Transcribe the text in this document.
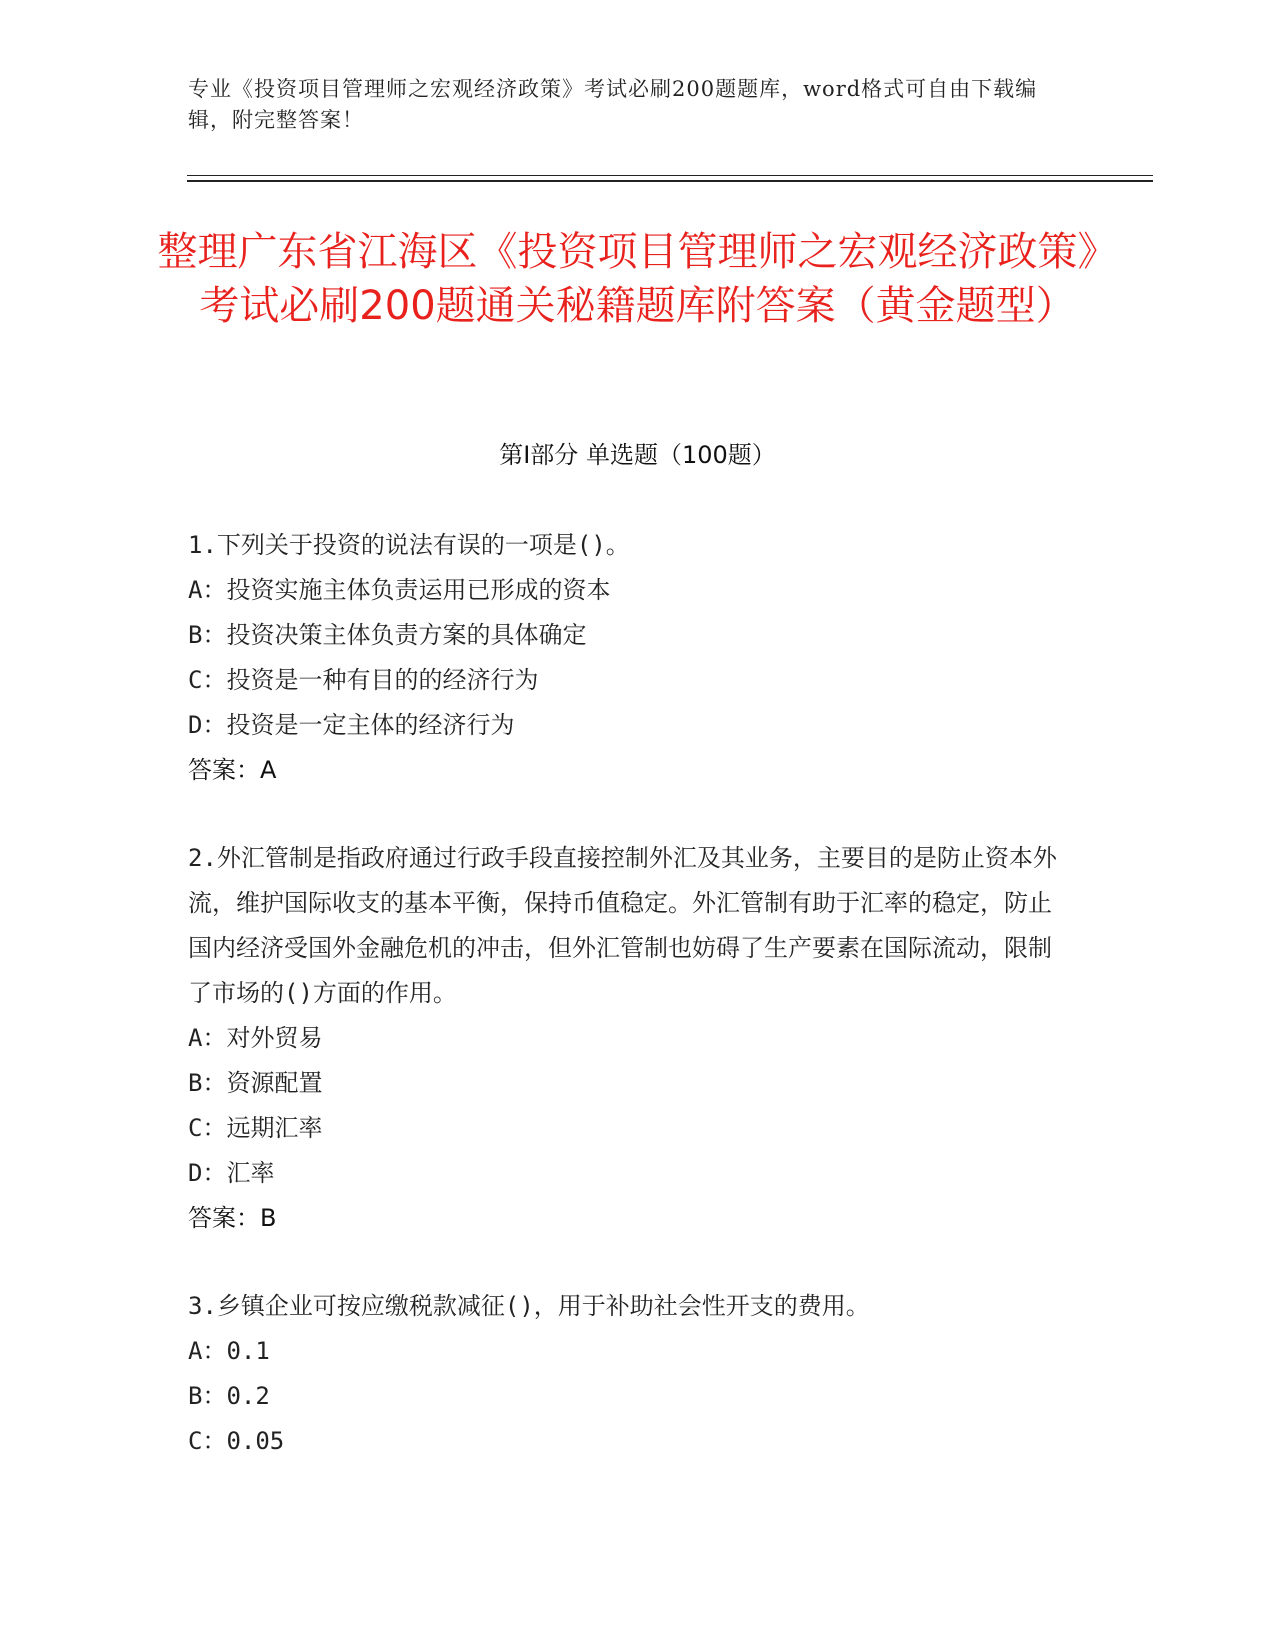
专业《投资项目管理师之宏观经济政策》考试必刷200题题库，word格式可自由下载编辑，附完整答案！
整理广东省江海区《投资项目管理师之宏观经济政策》考试必刷200题通关秘籍题库附答案（黄金题型）
第Ⅰ部分 单选题（100题）

1.下列关于投资的说法有误的一项是()。

A：投资实施主体负责运用已形成的资本

B：投资决策主体负责方案的具体确定

C：投资是一种有目的的经济行为

D：投资是一定主体的经济行为

答案：A

2.外汇管制是指政府通过行政手段直接控制外汇及其业务，主要目的是防止资本外流，维护国际收支的基本平衡，保持币值稳定。外汇管制有助于汇率的稳定，防止国内经济受国外金融危机的冲击，但外汇管制也妨碍了生产要素在国际流动，限制了市场的()方面的作用。

A：对外贸易

B：资源配置

C：远期汇率

D：汇率

答案：B

3.乡镇企业可按应缴税款减征()，用于补助社会性开支的费用。

A：0.1

B：0.2

C：0.05
